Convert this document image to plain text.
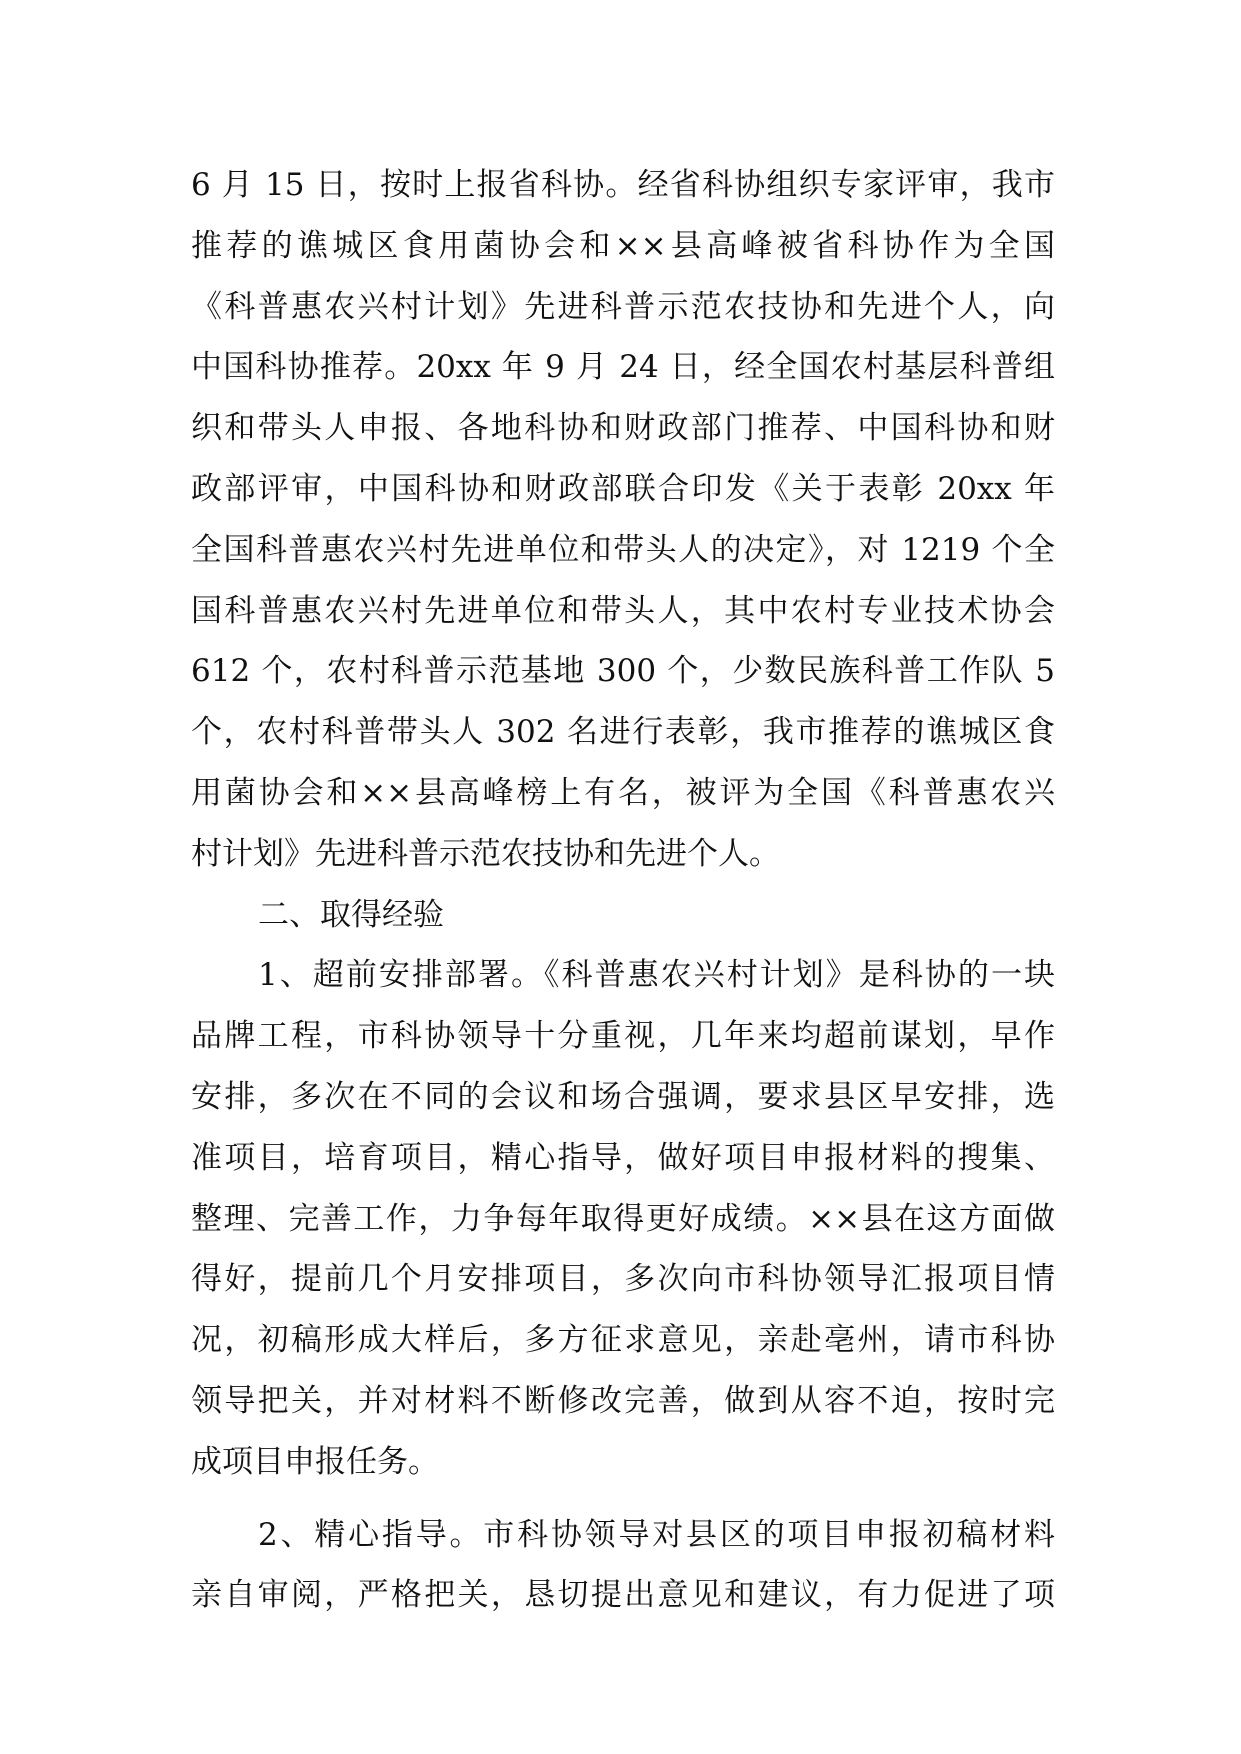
6 月 15 日，按时上报省科协。经省科协组织专家评审，我市
推荐的谯城区食用菌协会和××县高峰被省科协作为全国
《科普惠农兴村计划》先进科普示范农技协和先进个人，向
中国科协推荐。20xx 年 9 月 24 日，经全国农村基层科普组
织和带头人申报、各地科协和财政部门推荐、中国科协和财
政部评审，中国科协和财政部联合印发《关于表彰 20xx 年
全国科普惠农兴村先进单位和带头人的决定》，对 1219 个全
国科普惠农兴村先进单位和带头人，其中农村专业技术协会
612 个，农村科普示范基地 300 个，少数民族科普工作队 5
个，农村科普带头人 302 名进行表彰，我市推荐的谯城区食
用菌协会和××县高峰榜上有名，被评为全国《科普惠农兴
村计划》先进科普示范农技协和先进个人。
二、取得经验
1、超前安排部署。《科普惠农兴村计划》是科协的一块
品牌工程，市科协领导十分重视，几年来均超前谋划，早作
安排，多次在不同的会议和场合强调，要求县区早安排，选
准项目，培育项目，精心指导，做好项目申报材料的搜集、
整理、完善工作，力争每年取得更好成绩。××县在这方面做
得好，提前几个月安排项目，多次向市科协领导汇报项目情
况，初稿形成大样后，多方征求意见，亲赴亳州，请市科协
领导把关，并对材料不断修改完善，做到从容不迫，按时完
成项目申报任务。
2、精心指导。市科协领导对县区的项目申报初稿材料
亲自审阅，严格把关，恳切提出意见和建议，有力促进了项
